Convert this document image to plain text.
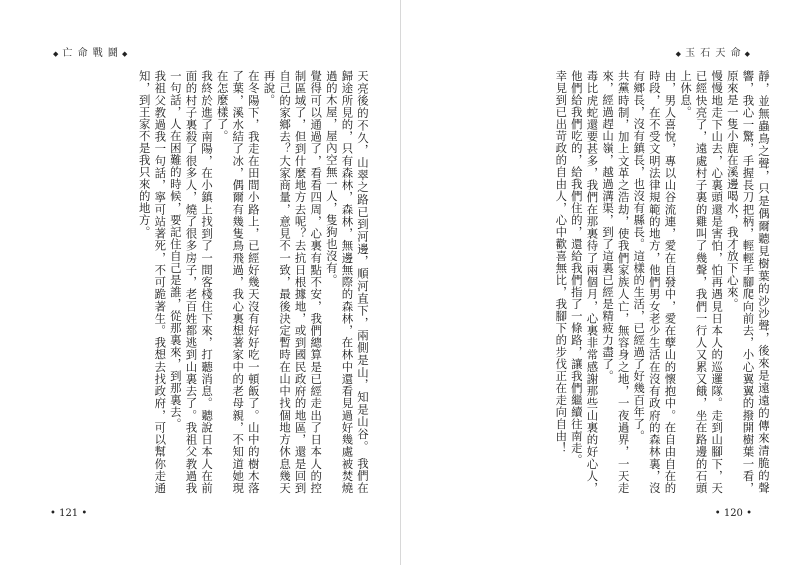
◆ 亡 命 戰 鬪 ◆

天亮後的不久，山翠之路已到河邊，順河直下，兩側是山，知是山谷。 我們在歸途所見的，只有森林，森林，無邊無際的森林，在林中還看見過好幾處被焚燒過的木屋，屋內空無一人，隻狗也沒有。

覺得可以通過了，看看四周，心裏有點不安，我們總算是已經走出了日本人的控制區域了，但到什麼地方去呢？去抗日根據地，或到國民政府的地區，還是回到自己的家鄉去？大家商量，意見不一致，最後決定暫時在山中找個地方休息幾天再說。

在冬陽下，我走在田間小路上，已經好幾天沒有好好吃一頓飯了。山中的樹木落了葉，溪水結了冰，偶爾有幾隻鳥飛過，我心裏想著家中的老母親，不知道她現在怎麼樣了。

我終於進了南陽，在小鎮上找到了一間客棧住下來，打聽消息。聽說日本人在前面的村子裏殺了很多人，燒了很多房子，老百姓都逃到山裏去了。我祖父教過我一句話，人在困難的時候，要記住自己是誰，從那裏來，到那裏去。

我祖父教過我一句話，寧可站著死，不可跪著生。我想去找政府，可以幫你走通知，到王家不是我只來的地方。

• 121 •
◆ 玉 石 天 命 ◆

靜，並無蟲鳥之聲，只是偶爾聽見樹葉的沙沙聲，後來是遠遠的傳來清脆的聲響，我心一驚，手握長刀把柄，輕輕手腳爬向前去，小心翼翼的撥開樹葉一看，原來是一隻小鹿在溪邊喝水，我才放下心來。

慢慢地走下山去，心裏頭還是害怕，怕再遇見日本人的巡邏隊。走到山腳下，天已經快亮了，遠處村子裏的雞叫了幾聲，我們一行人又累又餓，坐在路邊的石頭上休息。

由，男人喜悅，專以山谷流連，愛在自發中，愛在孽山的懷抱中。在自由自在的時段，在不受文明法律規範的地方，他們男女老少生活在沒有政府的森林裏，沒有鄉長，沒有鎮長，也沒有縣長。這樣的生活，已經過了好幾百年了。

共黨時制，加上文革之浩劫，使我們家族人亡，無容身之地，一夜過界，一天走來，經過趕山嶺，越過溝渠，到了這裏已經是精疲力盡了。

毒比虎蛇還要甚多，我們在那裏待了兩個月，心裏非常感謝那些山裏的好心人，他們給我們吃的，給我們住的，還給我們指了一條路，讓我們繼續往南走。

幸見到已出苛政的自由人，心中歡喜無比，我腳下的步伐正在走向自由！

• 120 •
